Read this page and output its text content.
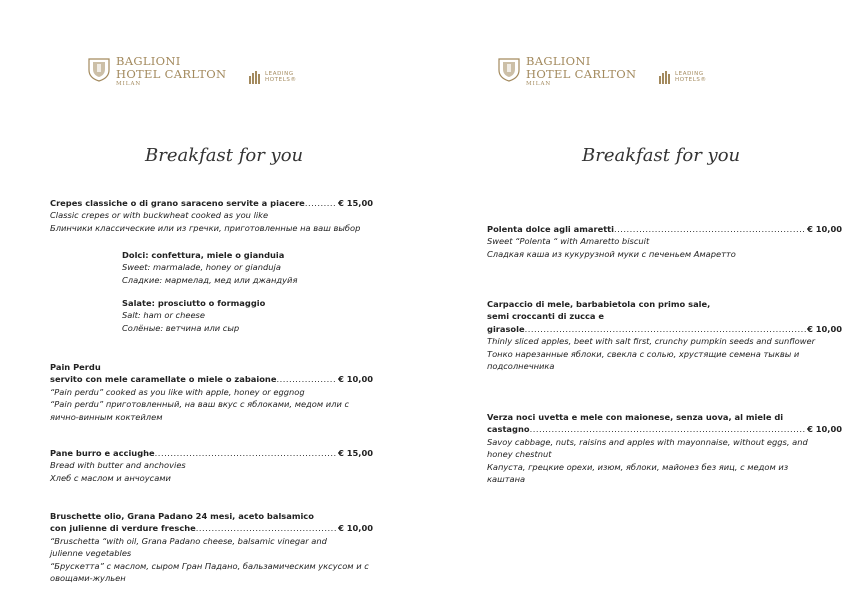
BAGLIONI
HOTEL CARLTON
MILAN
LEADING
HOTELS®
Breakfast for you
Crepes classiche o di grano saraceno servite a piacere .....	€ 15,00
Classic crepes or with buckwheat cooked as you like
Блинчики классические или из гречки, приготовленные на ваш выбор
Dolci: confettura, miele o gianduia
Sweet: marmalade, honey or gianduja
Сладкие: мармелад, мед или джандуйя
Salate: prosciutto o formaggio
Salt: ham or cheese
Солёные: ветчина или сыр
Pain Perdu
servito con mele caramellate o miele o zabaione .....	€ 10,00
“Pain perdu” cooked as you like with apple, honey or eggnog
“Pain perdu” приготовленный, на ваш вкус с яблоками, медом или с
яично-винным коктейлем
Pane burro e acciughe .....	€ 15,00
Bread with butter and anchovies
Хлеб с маслом и анчоусами
Bruschette olio, Grana Padano 24 mesi, aceto balsamico
con julienne di verdure fresche .....	€ 10,00
“Bruschetta “with oil, Grana Padano cheese, balsamic vinegar and
julienne vegetables
“Брускетта” с маслом, сыром Гран Падано, бальзамическим уксусом и с
овощами-жульен
BAGLIONI
HOTEL CARLTON
MILAN
LEADING
HOTELS®
Breakfast for you
Polenta dolce agli amaretti .....	€ 10,00
Sweet “Polenta “ with Amaretto biscuit
Сладкая каша из кукурузной муки с печеньем Амаретто
Carpaccio di mele, barbabietola con primo sale,
semi croccanti di zucca e
girasole .....	€ 10,00
Thinly sliced apples, beet with salt first, crunchy pumpkin seeds and sunflower
Тонко нарезанные яблоки, свекла с солью, хрустящие семена тыквы и
подсолнечника
Verza noci uvetta e mele con maionese, senza uova, al miele di
castagno .....	€ 10,00
Savoy cabbage, nuts, raisins and apples with mayonnaise, without eggs, and
honey chestnut
Капуста, грецкие орехи, изюм, яблоки, майонез без яиц, с медом из
каштана
